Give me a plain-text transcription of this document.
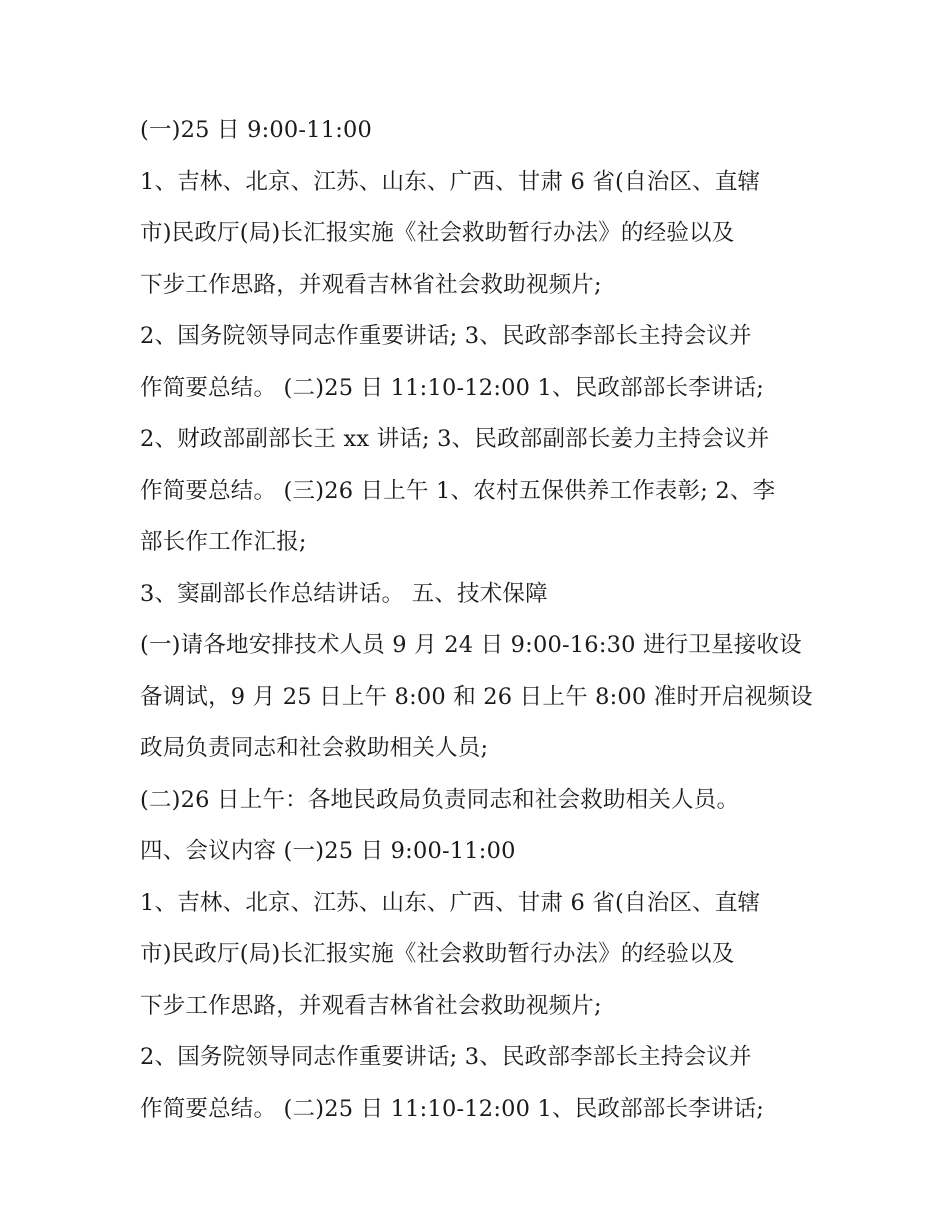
(一)25 日 9:00-11:00
1、吉林、北京、江苏、山东、广西、甘肃 6 省(自治区、直辖
市)民政厅(局)长汇报实施《社会救助暂行办法》的经验以及
下步工作思路，并观看吉林省社会救助视频片;
2、国务院领导同志作重要讲话; 3、民政部李部长主持会议并
作简要总结。 (二)25 日 11:10-12:00 1、民政部部长李讲话;
2、财政部副部长王 xx 讲话; 3、民政部副部长姜力主持会议并
作简要总结。 (三)26 日上午 1、农村五保供养工作表彰; 2、李
部长作工作汇报;
3、窦副部长作总结讲话。 五、技术保障
(一)请各地安排技术人员 9 月 24 日 9:00-16:30 进行卫星接收设
备调试，9 月 25 日上午 8:00 和 26 日上午 8:00 准时开启视频设
政局负责同志和社会救助相关人员;
(二)26 日上午：各地民政局负责同志和社会救助相关人员。
四、会议内容 (一)25 日 9:00-11:00
1、吉林、北京、江苏、山东、广西、甘肃 6 省(自治区、直辖
市)民政厅(局)长汇报实施《社会救助暂行办法》的经验以及
下步工作思路，并观看吉林省社会救助视频片;
2、国务院领导同志作重要讲话; 3、民政部李部长主持会议并
作简要总结。 (二)25 日 11:10-12:00 1、民政部部长李讲话;
